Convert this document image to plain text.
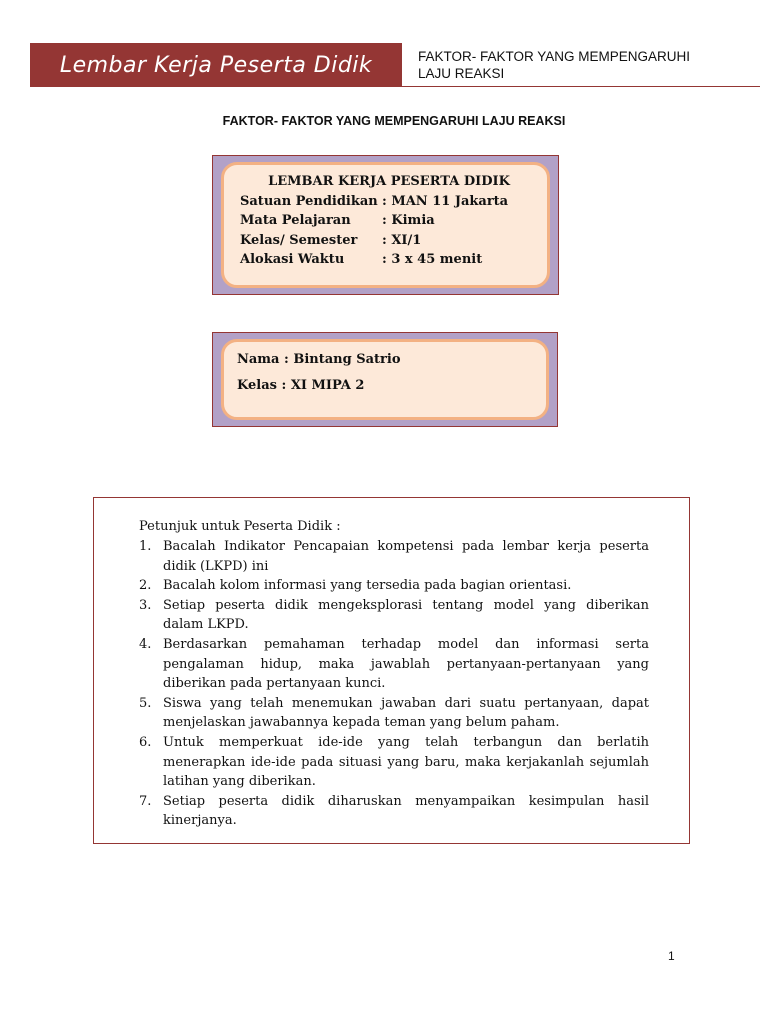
Lembar Kerja Peserta Didik	FAKTOR- FAKTOR YANG MEMPENGARUHI
LAJU REAKSI
FAKTOR- FAKTOR YANG MEMPENGARUHI LAJU REAKSI
LEMBAR KERJA PESERTA DIDIK
Satuan Pendidikan : MAN 11 Jakarta
Mata Pelajaran	: Kimia
Kelas/ Semester	: XI/1
Alokasi Waktu	: 3 x 45 menit
Nama : Bintang Satrio
Kelas : XI MIPA 2
Petunjuk untuk Peserta Didik :
1. Bacalah Indikator Pencapaian kompetensi pada lembar kerja peserta didik (LKPD) ini
2. Bacalah kolom informasi yang tersedia pada bagian orientasi.
3. Setiap peserta didik mengeksplorasi tentang model yang diberikan dalam LKPD.
4. Berdasarkan pemahaman terhadap model dan informasi serta pengalaman hidup, maka jawablah pertanyaan-pertanyaan yang diberikan pada pertanyaan kunci.
5. Siswa yang telah menemukan jawaban dari suatu pertanyaan, dapat menjelaskan jawabannya kepada teman yang belum paham.
6. Untuk memperkuat ide-ide yang telah terbangun dan berlatih menerapkan ide-ide pada situasi yang baru, maka kerjakanlah sejumlah latihan yang diberikan.
7. Setiap peserta didik diharuskan menyampaikan kesimpulan hasil kinerjanya.
1
